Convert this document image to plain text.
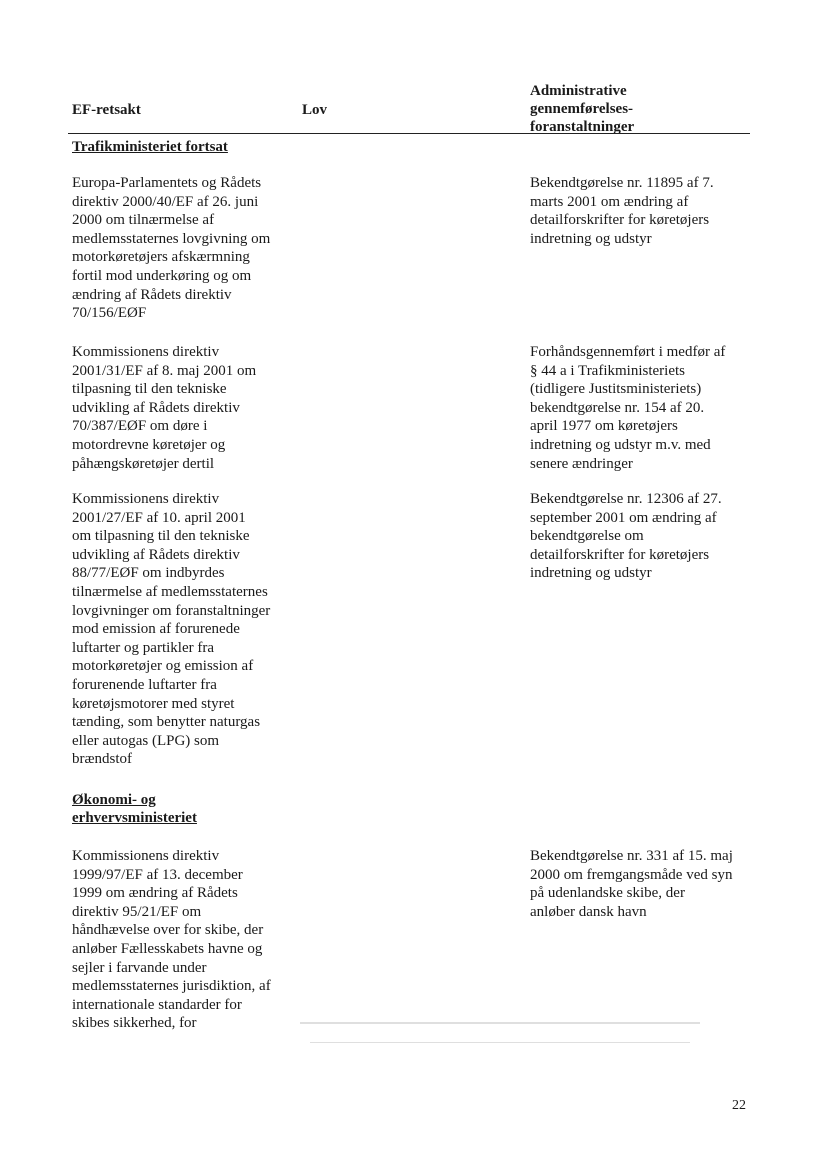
EF-retsakt	Lov
Administrative
gennemførelses-
foranstaltninger
Trafikministeriet fortsat
Europa-Parlamentets og Rådets
direktiv 2000/40/EF af 26. juni
2000 om tilnærmelse af
medlemsstaternes lovgivning om
motorkøretøjers afskærmning
fortil mod underkøring og om
ændring af Rådets direktiv
70/156/EØF
Bekendtgørelse nr. 11895 af 7.
marts 2001 om ændring af
detailforskrifter for køretøjers
indretning og udstyr
Kommissionens direktiv
2001/31/EF af 8. maj 2001 om
tilpasning til den tekniske
udvikling af Rådets direktiv
70/387/EØF om døre i
motordrevne køretøjer og
påhængskøretøjer dertil
Forhåndsgennemført i medfør af
§ 44 a i Trafikministeriets
(tidligere Justitsministeriets)
bekendtgørelse nr. 154 af 20.
april 1977 om køretøjers
indretning og udstyr m.v. med
senere ændringer
Kommissionens direktiv
2001/27/EF af 10. april 2001
om tilpasning til den tekniske
udvikling af Rådets direktiv
88/77/EØF om indbyrdes
tilnærmelse af medlemsstaternes
lovgivninger om foranstaltninger
mod emission af forurenede
luftarter og partikler fra
motorkøretøjer og emission af
forurenende luftarter fra
køretøjsmotorer med styret
tænding, som benytter naturgas
eller autogas (LPG) som
brændstof
Bekendtgørelse nr. 12306 af 27.
september 2001 om ændring af
bekendtgørelse om
detailforskrifter for køretøjers
indretning og udstyr
Økonomi- og
erhvervsministeriet
Kommissionens direktiv
1999/97/EF af 13. december
1999 om ændring af Rådets
direktiv 95/21/EF om
håndhævelse over for skibe, der
anløber Fællesskabets havne og
sejler i farvande under
medlemsstaternes jurisdiktion, af
internationale standarder for
skibes sikkerhed, for
Bekendtgørelse nr. 331 af 15. maj
2000 om fremgangsmåde ved syn
på udenlandske skibe, der
anløber dansk havn
22
